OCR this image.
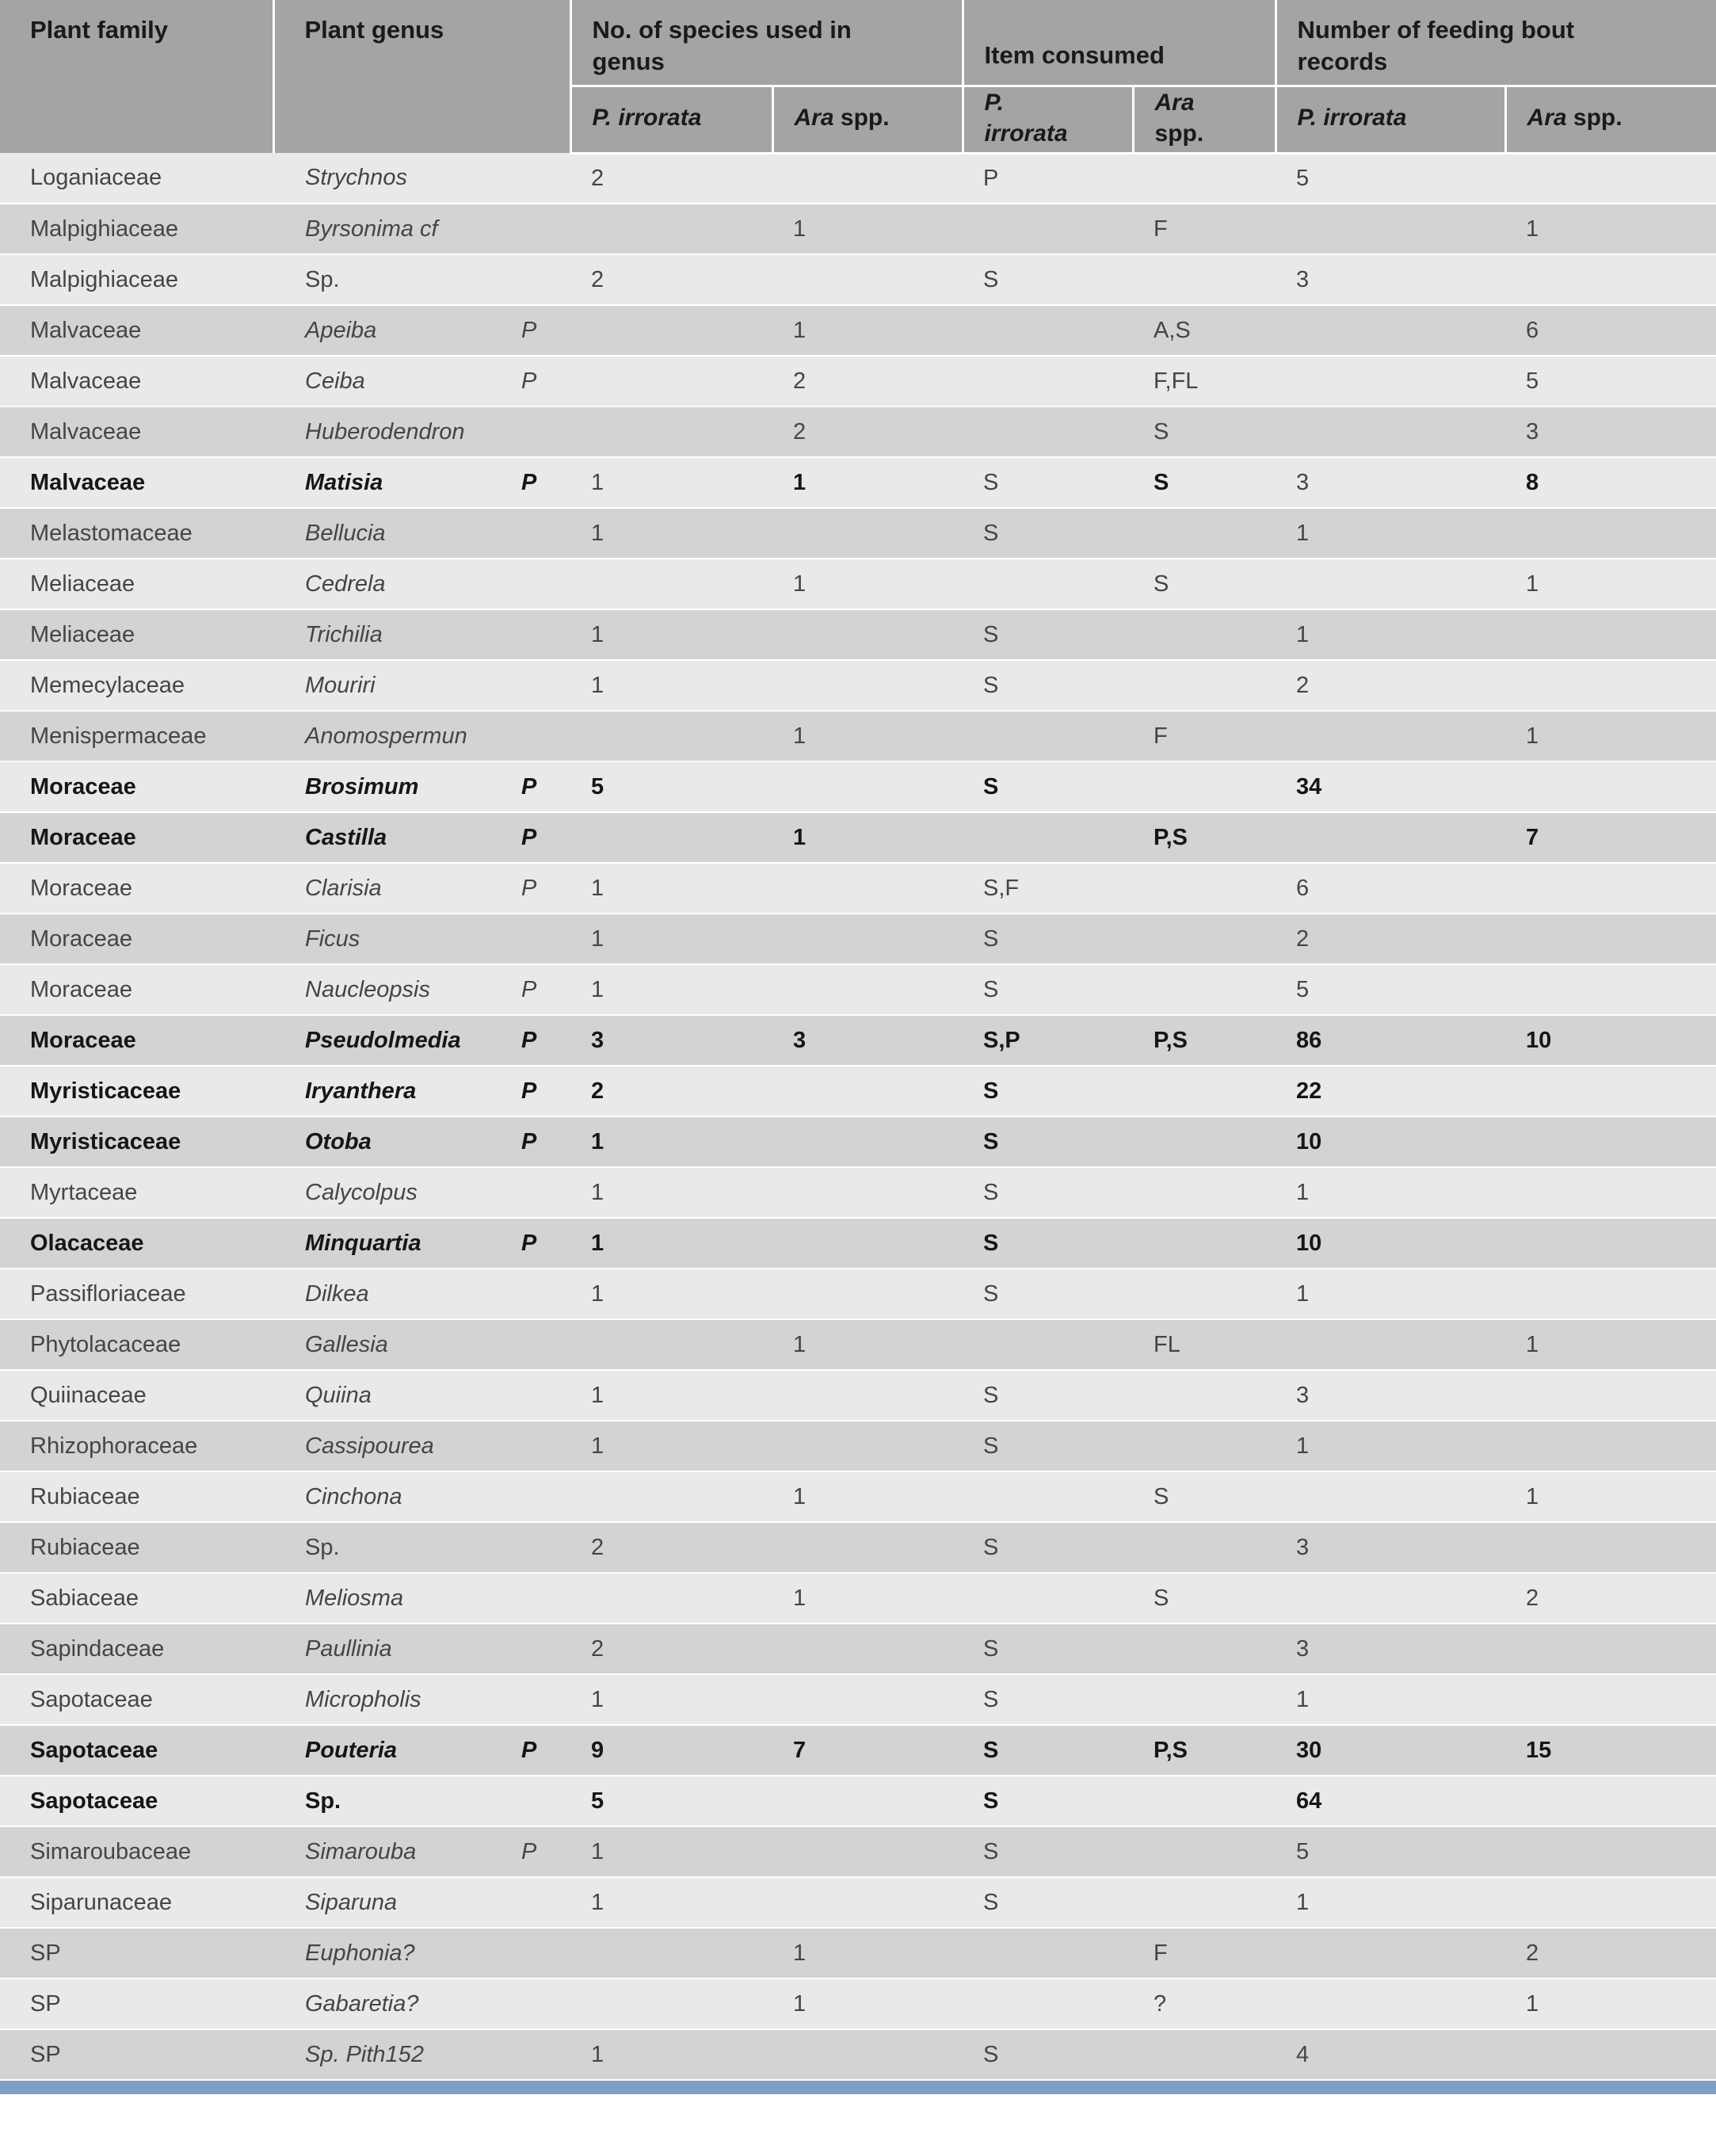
Plant family	Plant genus		No. of species used in genus		Item consumed		Number of feeding bout records	
			P. irrorata	Ara spp.	P. irrorata	Ara spp.	P. irrorata	Ara spp.
Loganiaceae	Strychnos		2		P		5	
Malpighiaceae	Byrsonima cf			1		F		1
Malpighiaceae	Sp.		2		S		3	
Malvaceae	Apeiba	P		1		A,S		6
Malvaceae	Ceiba	P		2		F,FL		5
Malvaceae	Huberodendron			2		S		3
Malvaceae	Matisia	P	1	1	S	S	3	8
Melastomaceae	Bellucia		1		S		1	
Meliaceae	Cedrela			1		S		1
Meliaceae	Trichilia		1		S		1	
Memecylaceae	Mouriri		1		S		2	
Menispermaceae	Anomospermun			1		F		1
Moraceae	Brosimum	P	5		S		34	
Moraceae	Castilla	P		1		P,S		7
Moraceae	Clarisia	P	1		S,F		6	
Moraceae	Ficus		1		S		2	
Moraceae	Naucleopsis	P	1		S		5	
Moraceae	Pseudolmedia	P	3	3	S,P	P,S	86	10
Myristicaceae	Iryanthera	P	2		S		22	
Myristicaceae	Otoba	P	1		S		10	
Myrtaceae	Calycolpus		1		S		1	
Olacaceae	Minquartia	P	1		S		10	
Passifloriaceae	Dilkea		1		S		1	
Phytolacaceae	Gallesia			1		FL		1
Quiinaceae	Quiina		1		S		3	
Rhizophoraceae	Cassipourea		1		S		1	
Rubiaceae	Cinchona			1		S		1
Rubiaceae	Sp.		2		S		3	
Sabiaceae	Meliosma			1		S		2
Sapindaceae	Paullinia		2		S		3	
Sapotaceae	Micropholis		1		S		1	
Sapotaceae	Pouteria	P	9	7	S	P,S	30	15
Sapotaceae	Sp.		5		S		64	
Simaroubaceae	Simarouba	P	1		S		5	
Siparunaceae	Siparuna		1		S		1	
SP	Euphonia?			1		F		2
SP	Gabaretia?			1		?		1
SP	Sp. Pith152		1		S		4	
